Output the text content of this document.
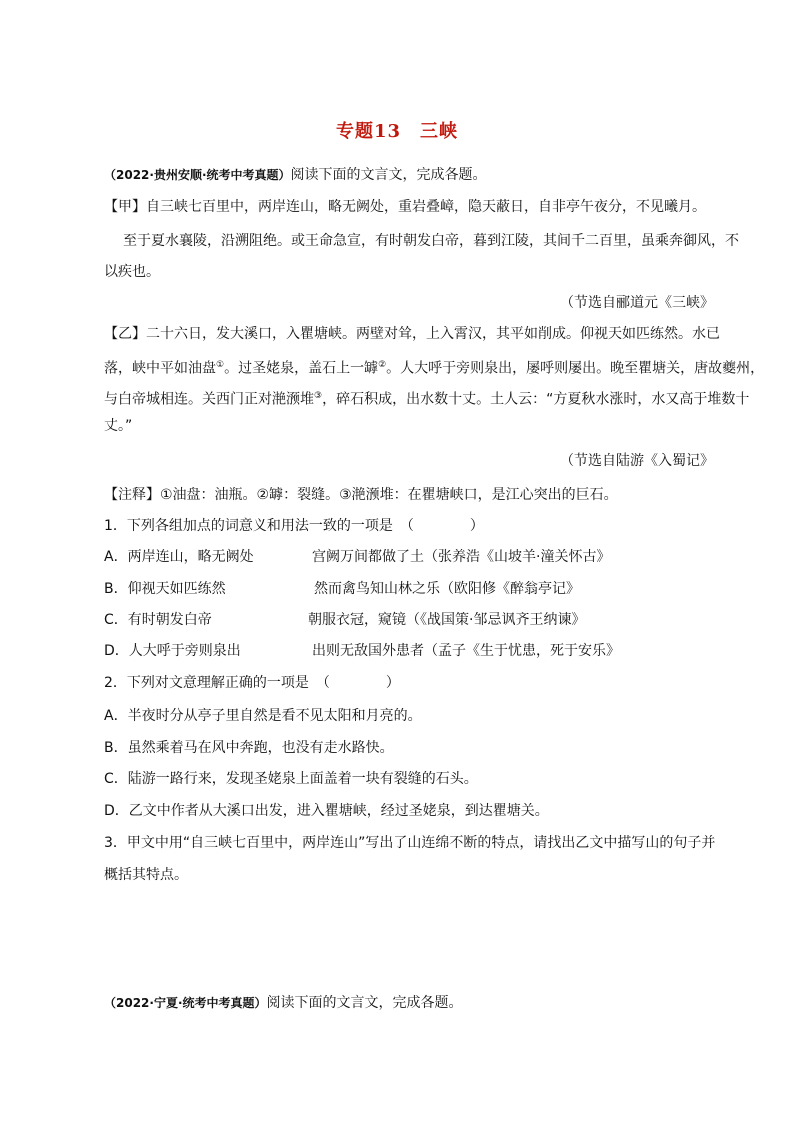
专题13　三峡
（2022·贵州安顺·统考中考真题）阅读下面的文言文，完成各题。
【甲】自三峡七百里中，两岸连山，略无阙处，重岩叠嶂，隐天蔽日，自非亭午夜分，不见曦月。
至于夏水襄陵，沿溯阻绝。或王命急宣，有时朝发白帝，暮到江陵，其间千二百里，虽乘奔御风，不
以疾也。
（节选自郦道元《三峡》
【乙】二十六日，发大溪口，入瞿塘峡。两壁对耸，上入霄汉，其平如削成。仰视天如匹练然。水已
落，峡中平如油盘①。过圣姥泉，盖石上一罅②。人大呼于旁则泉出，屡呼则屡出。晚至瞿塘关，唐故夔州，
与白帝城相连。关西门正对滟滪堆③，碎石积成，出水数十丈。土人云：“方夏秋水涨时，水又高于堆数十
丈。”
（节选自陆游《入蜀记》
【注释】①油盘：油瓶。②罅：裂缝。③滟滪堆：在瞿塘峡口，是江心突出的巨石。
1．下列各组加点的词意义和用法一致的一项是　（　　　　）
A．两岸连山，略无阙处	宫阙万间都做了土（张养浩《山坡羊·潼关怀古》
B．仰视天如匹练然	然而禽鸟知山林之乐（欧阳修《醉翁亭记》
C．有时朝发白帝	朝服衣冠，窥镜（《战国策·邹忌讽齐王纳谏》
D．人大呼于旁则泉出	出则无敌国外患者（孟子《生于忧患，死于安乐》
2．下列对文意理解正确的一项是　（　　　　）
A．半夜时分从亭子里自然是看不见太阳和月亮的。
B．虽然乘着马在风中奔跑，也没有走水路快。
C．陆游一路行来，发现圣姥泉上面盖着一块有裂缝的石头。
D．乙文中作者从大溪口出发，进入瞿塘峡，经过圣姥泉，到达瞿塘关。
3．甲文中用“自三峡七百里中，两岸连山”写出了山连绵不断的特点，请找出乙文中描写山的句子并
概括其特点。
（2022·宁夏·统考中考真题）阅读下面的文言文，完成各题。
